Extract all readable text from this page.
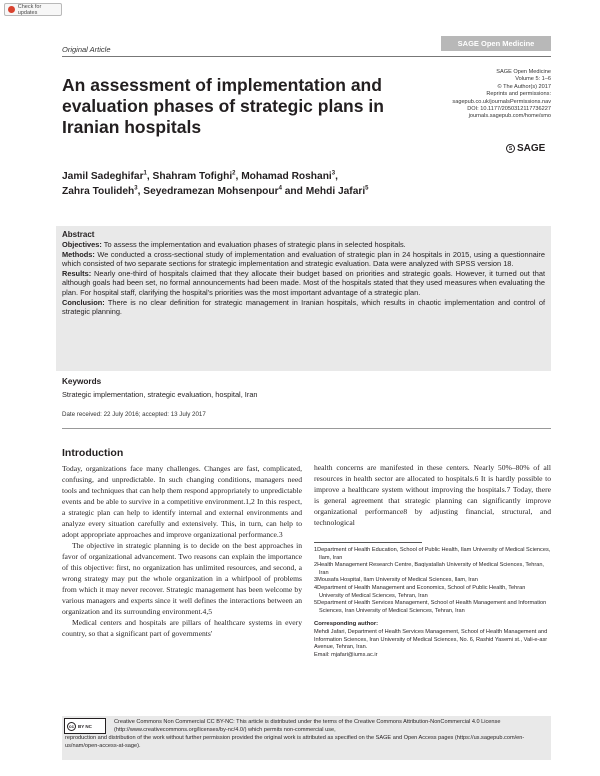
Check for updates
Original Article
SAGE Open Medicine
An assessment of implementation and evaluation phases of strategic plans in Iranian hospitals
SAGE Open Medicine
Volume 5: 1–6
© The Author(s) 2017
Reprints and permissions:
sagepub.co.uk/journalsPermissions.nav
DOI: 10.1177/2050312117736227
journals.sagepub.com/home/smo
S SAGE
Jamil Sadeghifar$^1$, Shahram Tofighi$^2$, Mohamad Roshani$^3$,
Zahra Toulideh$^3$, Seyedramezan Mohsenpour$^4$ and Mehdi Jafari$^5$
Abstract

Objectives: To assess the implementation and evaluation phases of strategic plans in selected hospitals.

Methods: We conducted a cross-sectional study of implementation and evaluation of strategic plan in 24 hospitals in 2015, using a questionnaire which consisted of two separate sections for strategic implementation and strategic evaluation. Data were analyzed with SPSS version 18.

Results: Nearly one-third of hospitals claimed that they allocate their budget based on priorities and strategic goals. However, it turned out that although goals had been set, no formal announcements had been made. Most of the hospitals stated that they used measures when evaluating the plan. For hospital staff, clarifying the hospital's priorities was the most important advantage of a strategic plan.

Conclusion: There is no clear definition for strategic management in Iranian hospitals, which results in chaotic implementation and control of strategic planning.

Keywords
Strategic implementation, strategic evaluation, hospital, Iran
Date received: 22 July 2016; accepted: 13 July 2017
Introduction

Today, organizations face many challenges. Changes are fast, complicated, confusing, and unpredictable. In such changing conditions, managers need tools and techniques that can help them respond appropriately to unpredictable events and be able to survive in a competitive environment.1,2 In this respect, a strategic plan can help to identify internal and external environments and analyze every situation carefully and extensively. This, in turn, can help to adopt appropriate approaches and improve organizational performance.3

The objective in strategic planning is to decide on the best approaches in favor of organizational advancement. Two reasons can explain the importance of this objective: first, no organization has unlimited resources, and second, a wrong strategy may put the whole organization in a whirlpool of problems from which it may never recover. Strategic management has been welcome by various managers and experts since it well defines the interactions between an organization and its surrounding environment.4,5

Medical centers and hospitals are pillars of healthcare systems in every country, so that a significant part of governments'

health concerns are manifested in these centers. Nearly 50%–80% of all resources in health sector are allocated to hospitals.6 It is hardly possible to improve a healthcare system without improving the hospitals.7 Today, there is general agreement that strategic planning can significantly improve organizational performance8 by adjusting financial, structural, and technological

1Department of Health Education, School of Public Health, Ilam University of Medical Sciences, Ilam, Iran
2Health Management Research Centre, Baqiyatallah University of Medical Sciences, Tehran, Iran
3Mousafa Hospital, Ilam University of Medical Sciences, Ilam, Iran
4Department of Health Management and Economics, School of Public Health, Tehran University of Medical Sciences, Tehran, Iran
5Department of Health Services Management, School of Health Management and Information Sciences, Iran University of Medical Sciences, Tehran, Iran
Corresponding author:
Mehdi Jafari, Department of Health Services Management, School of Health Management and Information Sciences, Iran University of Medical Sciences, No. 6, Rashid Yasemi st., Vali-e-asr Avenue, Tehran, Iran.
Email: mjafari@iums.ac.ir
cc BY NC
Creative Commons Non Commercial CC BY-NC: This article is distributed under the terms of the Creative Commons Attribution-NonCommercial 4.0 License (http://www.creativecommons.org/licenses/by-nc/4.0/) which permits non-commercial use,
reproduction and distribution of the work without further permission provided the original work is attributed as specified on the SAGE and Open Access pages (https://us.sagepub.com/en-us/nam/open-access-at-sage).
